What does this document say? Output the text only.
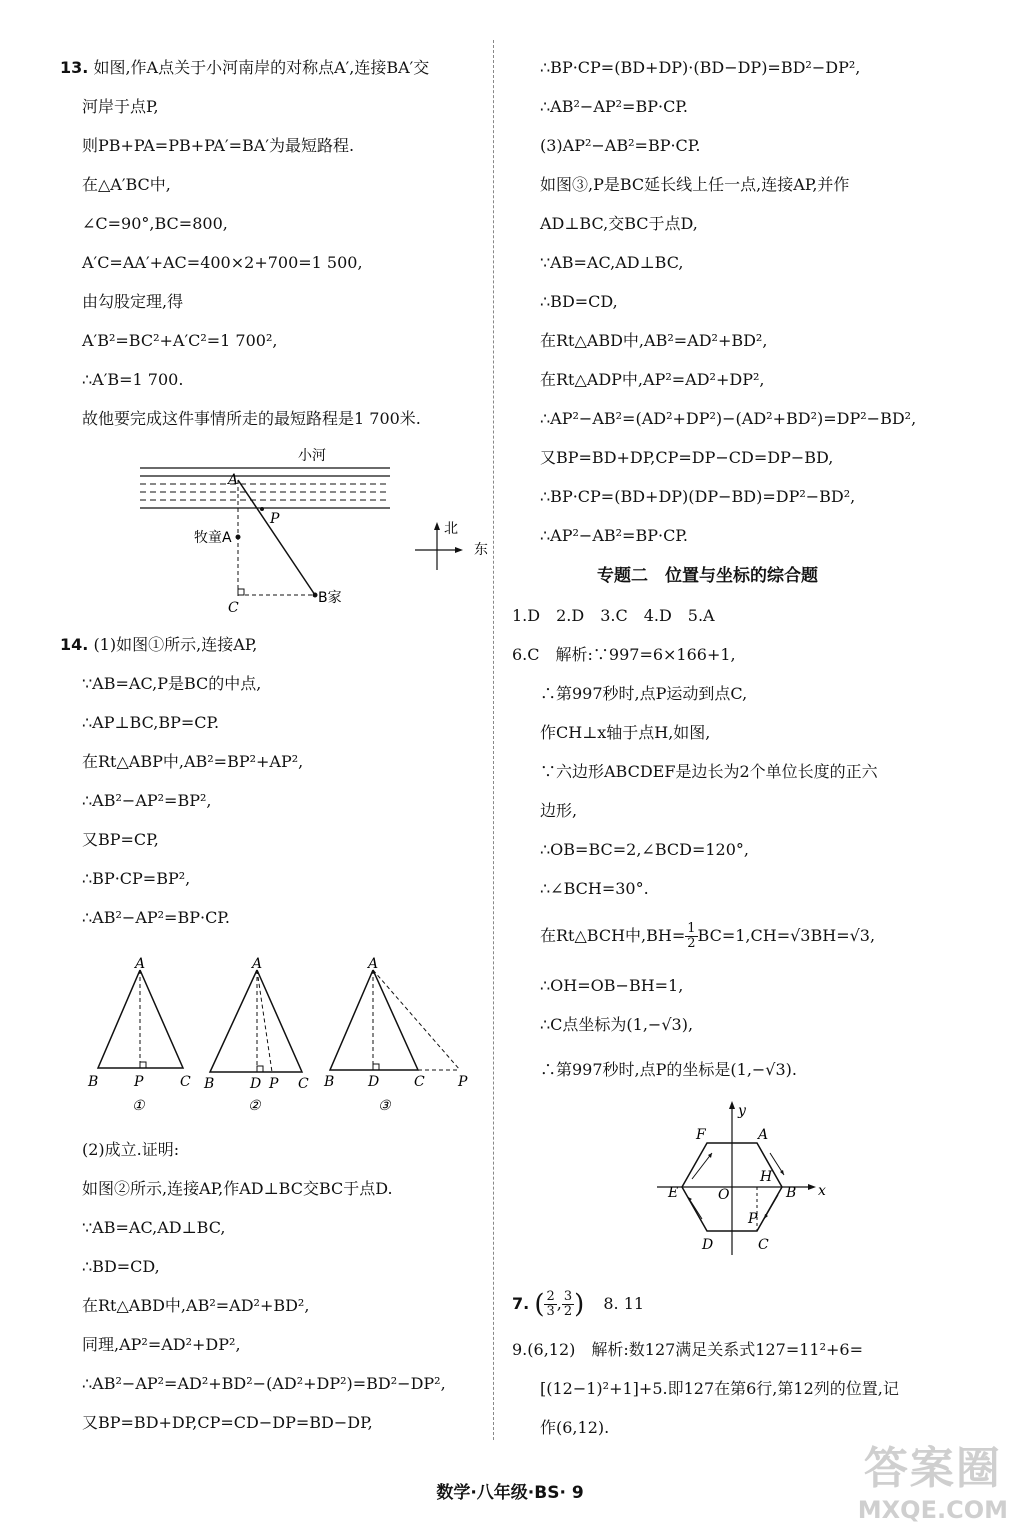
13. 如图,作A点关于小河南岸的对称点A′,连接BA′交
河岸于点P,
则PB+PA=PB+PA′=BA′为最短路程.
在△A′BC中,
∠C=90°,BC=800,
A′C=AA′+AC=400×2+700=1 500,
由勾股定理,得
A′B²=BC²+A′C²=1 700²,
∴A′B=1 700.
故他要完成这件事情所走的最短路程是1 700米.
小河
A
牧童A
P
C
B家
北
东
14. (1)如图①所示,连接AP,
∵AB=AC,P是BC的中点,
∴AP⊥BC,BP=CP.
在Rt△ABP中,AB²=BP²+AP²,
∴AB²−AP²=BP²,
又BP=CP,
∴BP·CP=BP²,
∴AB²−AP²=BP·CP.
A
B	P	C
①
A
B	D P C
②
A
B D C P
③
(2)成立.证明:
如图②所示,连接AP,作AD⊥BC交BC于点D.
∵AB=AC,AD⊥BC,
∴BD=CD,
在Rt△ABD中,AB²=AD²+BD²,
同理,AP²=AD²+DP²,
∴AB²−AP²=AD²+BD²−(AD²+DP²)=BD²−DP²,
又BP=BD+DP,CP=CD−DP=BD−DP,
∴BP·CP=(BD+DP)·(BD−DP)=BD²−DP²,
∴AB²−AP²=BP·CP.
(3)AP²−AB²=BP·CP.
如图③,P是BC延长线上任一点,连接AP,并作
AD⊥BC,交BC于点D,
∵AB=AC,AD⊥BC,
∴BD=CD,
在Rt△ABD中,AB²=AD²+BD²,
在Rt△ADP中,AP²=AD²+DP²,
∴AP²−AB²=(AD²+DP²)−(AD²+BD²)=DP²−BD²,
又BP=BD+DP,CP=DP−CD=DP−BD,
∴BP·CP=(BD+DP)(DP−BD)=DP²−BD²,
∴AP²−AB²=BP·CP.
专题二　位置与坐标的综合题
1.D　2.D　3.C　4.D　5.A
6.C　解析:∵997=6×166+1,
∴第997秒时,点P运动到点C,
作CH⊥x轴于点H,如图,
∵六边形ABCDEF是边长为2个单位长度的正六
边形,
∴OB=BC=2,∠BCD=120°,
∴∠BCH=30°.
在Rt△BCH中$,BH= \frac{1}{2} BC=1,CH=√3BH=√3$,
∴OH=OB−BH=1,
∴C点坐标为(1,−√3),
∴第997秒时,点P的坐标是(1,−√3).
x
y
O
A
F
B
E
C
D
H
P
7. ( $\frac{2}{3}$ , $\frac{3}{2}$ ) 8. 11
9.(6,12)　解析:数127满足关系式127=11²+6=
[(12−1)²+1]+5.即127在第6行,第12列的位置,记
作(6,12).
数学·八年级·BS· 9	答案圈
MXQE.COM
